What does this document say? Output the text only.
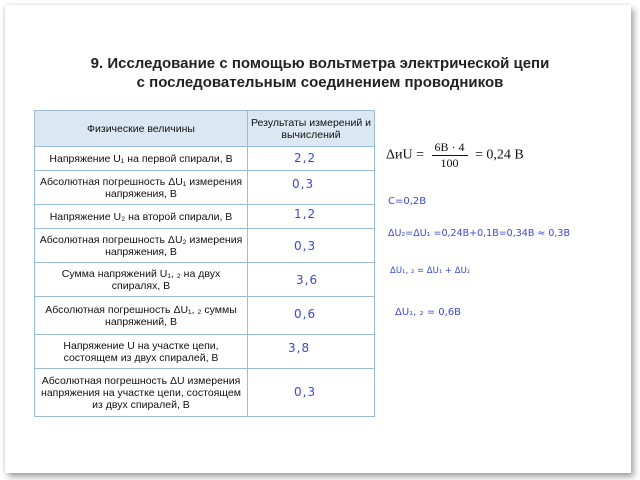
9. Исследование с помощью вольтметра электрической цепи
с последовательным соединением проводников
Физические величины	Результаты измерений и вычислений
Напряжение U₁ на первой спирали, В	2,2

Абсолютная погрешность ΔU₁ измерения напряжения, В	0,3

Напряжение U₂ на второй спирали, В	1,2

Абсолютная погрешность ΔU₂ измерения напряжения, В	0,3

Сумма напряжений U₁, ₂ на двух спиралях, В	3,6

Абсолютная погрешность ΔU₁, ₂ суммы напряжений, В	0,6

Напряжение U на участке цепи, состоящем из двух спиралей, В	3,8

Абсолютная погрешность ΔU измерения напряжения на участке цепи, состоящем из двух спиралей, В	0,3
$\Delta иU = \frac{6В \cdot 4}{100} = 0,24$ В
C=0,2В
ΔU₂=ΔU₁ =0,24В+0,1В=0,34В ≈ 0,3В
ΔU₁, ₂ = ΔU₁ + ΔU₂
ΔU₁, ₂ = 0,6В
